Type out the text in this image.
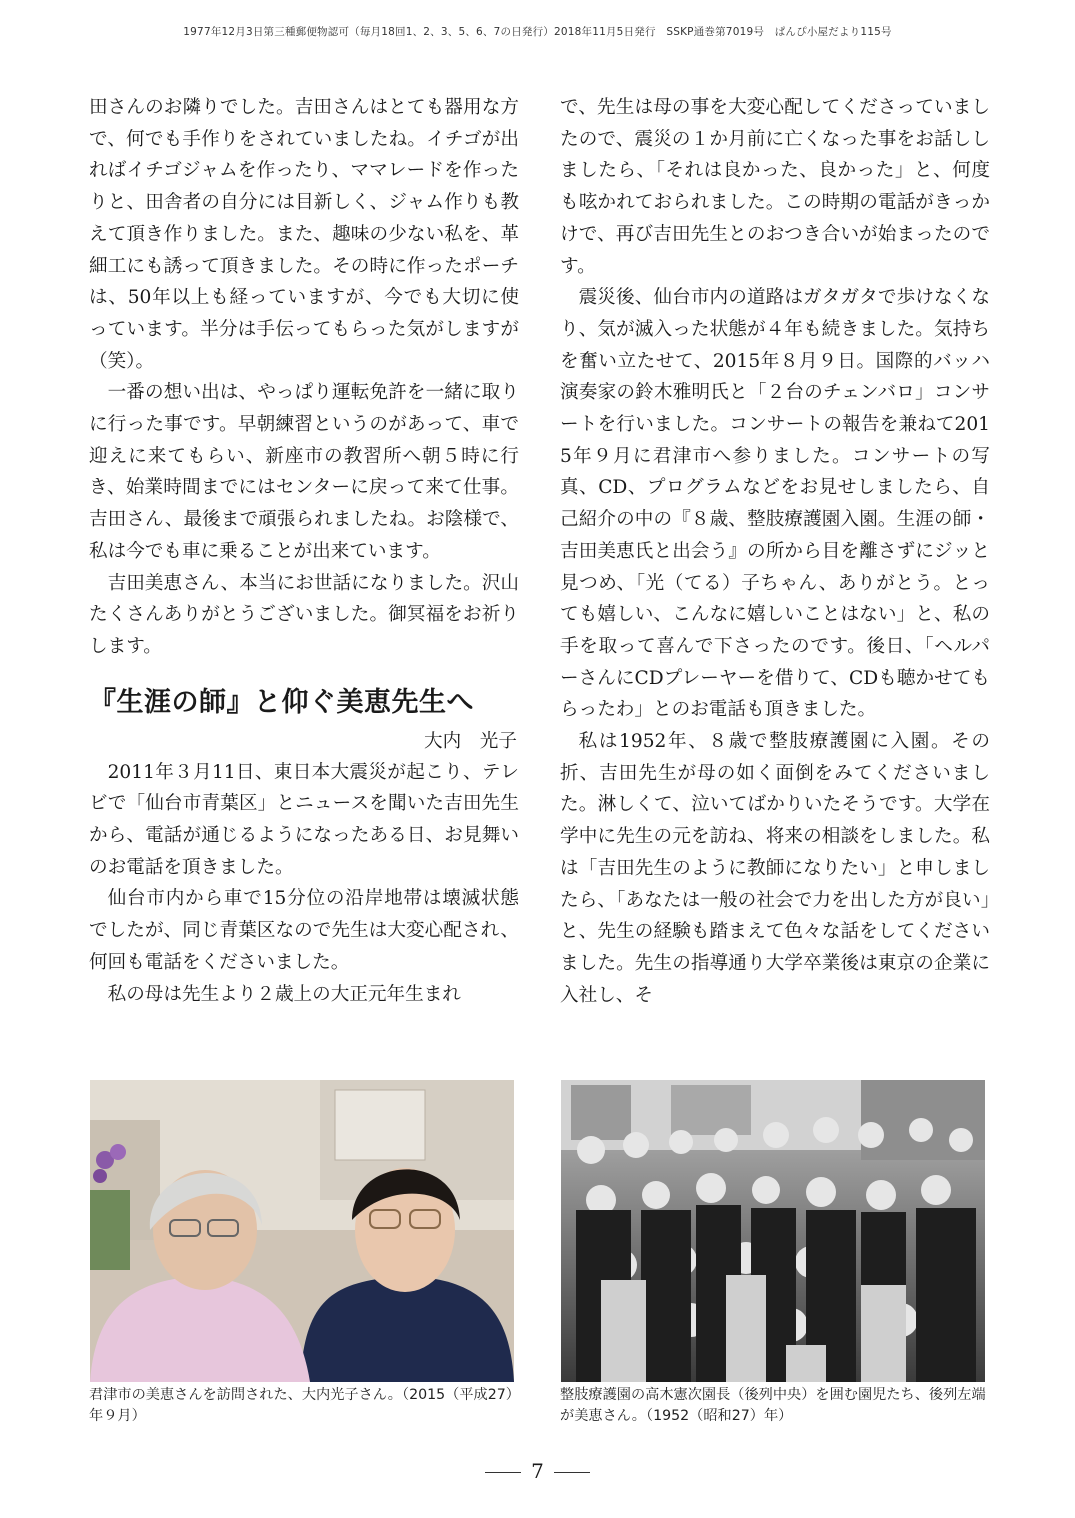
1977年12月3日第三種郵便物認可（毎月18回1、2、3、5、6、7の日発行）2018年11月5日発行　SSKP通巻第7019号　ぱんぴ小屋だより115号

田さんのお隣りでした。吉田さんはとても器用な方で、何でも手作りをされていましたね。イチゴが出ればイチゴジャムを作ったり、ママレードを作ったりと、田舎者の自分には目新しく、ジャム作りも教えて頂き作りました。また、趣味の少ない私を、革細工にも誘って頂きました。その時に作ったポーチは、50年以上も経っていますが、今でも大切に使っています。半分は手伝ってもらった気がしますが（笑）。

一番の想い出は、やっぱり運転免許を一緒に取りに行った事です。早朝練習というのがあって、車で迎えに来てもらい、新座市の教習所へ朝５時に行き、始業時間までにはセンターに戻って来て仕事。吉田さん、最後まで頑張られましたね。お陰様で、私は今でも車に乗ることが出来ています。

吉田美恵さん、本当にお世話になりました。沢山たくさんありがとうございました。御冥福をお祈りします。

『生涯の師』と仰ぐ美恵先生へ
大内　光子

2011年３月11日、東日本大震災が起こり、テレビで「仙台市青葉区」とニュースを聞いた吉田先生から、電話が通じるようになったある日、お見舞いのお電話を頂きました。

仙台市内から車で15分位の沿岸地帯は壊滅状態でしたが、同じ青葉区なので先生は大変心配され、何回も電話をくださいました。

私の母は先生より２歳上の大正元年生まれ

で、先生は母の事を大変心配してくださっていましたので、震災の１か月前に亡くなった事をお話ししましたら、「それは良かった、良かった」と、何度も呟かれておられました。この時期の電話がきっかけで、再び吉田先生とのおつき合いが始まったのです。

震災後、仙台市内の道路はガタガタで歩けなくなり、気が滅入った状態が４年も続きました。気持ちを奮い立たせて、2015年８月９日。国際的バッハ演奏家の鈴木雅明氏と「２台のチェンバロ」コンサートを行いました。コンサートの報告を兼ねて2015年９月に君津市へ参りました。コンサートの写真、CD、プログラムなどをお見せしましたら、自己紹介の中の『８歳、整肢療護園入園。生涯の師・吉田美恵氏と出会う』の所から目を離さずにジッと見つめ、「光（てる）子ちゃん、ありがとう。とっても嬉しい、こんなに嬉しいことはない」と、私の手を取って喜んで下さったのです。後日、「ヘルパーさんにCDプレーヤーを借りて、CDも聴かせてもらったわ」とのお電話も頂きました。

私は1952年、８歳で整肢療護園に入園。その折、吉田先生が母の如く面倒をみてくださいました。淋しくて、泣いてばかりいたそうです。大学在学中に先生の元を訪ね、将来の相談をしました。私は「吉田先生のように教師になりたい」と申しましたら、「あなたは一般の社会で力を出した方が良い」と、先生の経験も踏まえて色々な話をしてくださいました。先生の指導通り大学卒業後は東京の企業に入社し、そ

君津市の美恵さんを訪問された、大内光子さん。（2015（平成27）年９月）
整肢療護園の高木憲次園長（後列中央）を囲む園児たち、後列左端が美恵さん。（1952（昭和27）年）
7
